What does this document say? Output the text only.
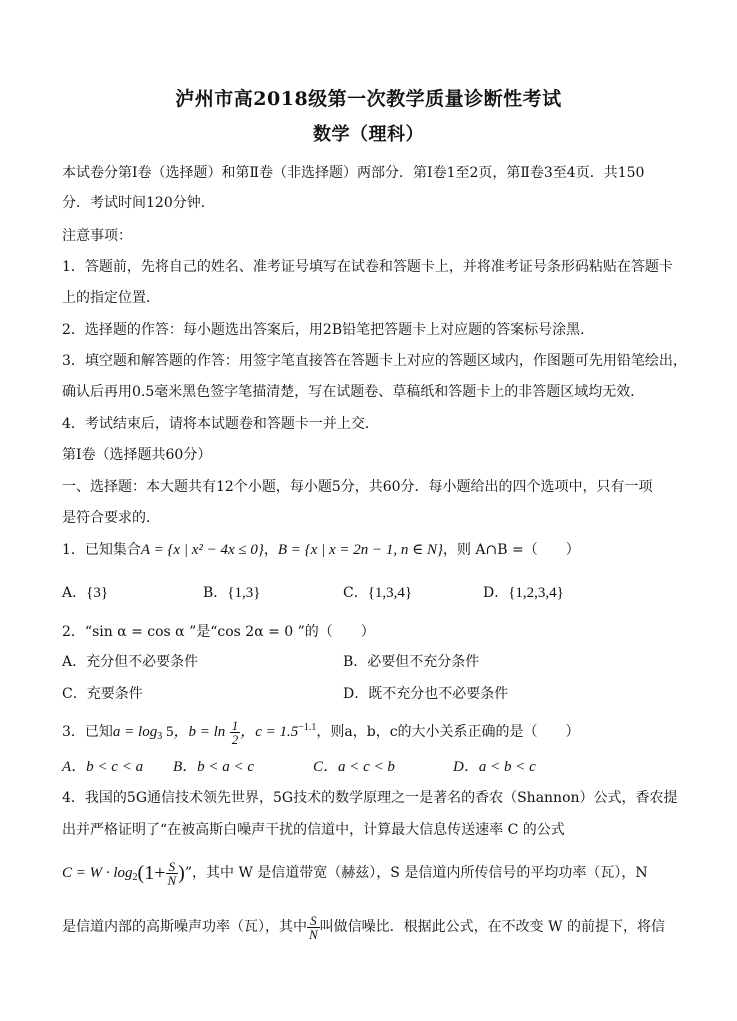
泸州市高2018级第一次教学质量诊断性考试
数学（理科）
本试卷分第Ⅰ卷（选择题）和第Ⅱ卷（非选择题）两部分．第Ⅰ卷1至2页，第Ⅱ卷3至4页．共150
分．考试时间120分钟．
注意事项：
1．答题前，先将自己的姓名、准考证号填写在试卷和答题卡上，并将准考证号条形码粘贴在答题卡
上的指定位置．
2．选择题的作答：每小题选出答案后，用2B铅笔把答题卡上对应题的答案标号涂黑．
3．填空题和解答题的作答：用签字笔直接答在答题卡上对应的答题区域内，作图题可先用铅笔绘出，
确认后再用0.5毫米黑色签字笔描清楚，写在试题卷、草稿纸和答题卡上的非答题区域均无效．
4．考试结束后，请将本试题卷和答题卡一并上交．
第Ⅰ卷（选择题共60分）
一、选择题：本大题共有12个小题，每小题5分，共60分．每小题给出的四个选项中，只有一项
是符合要求的．
1．已知集合A = {x | x² − 4x ≤ 0}，B = {x | x = 2n − 1, n ∈ N}，则 A∩B =（　　）
A．{3}	B．{1,3}	C．{1,3,4}	D．{1,2,3,4}
2．“sin α = cos α ”是“cos 2α = 0 ”的（　　）
A．充分但不必要条件	B．必要但不充分条件
C．充要条件	D．既不充分也不必要条件
3．已知$a = \log_3 5$，$b = \ln \frac{1}{2}$ ，$c = 1.5^{-1.1}$，则a，b，c的大小关系正确的是（　　）
A．b < c < a B．b < a < c	C．a < c < b	D．a < b < c
4．我国的5G通信技术领先世界，5G技术的数学原理之一是著名的香农（Shannon）公式，香农提
出并严格证明了“在被高斯白噪声干扰的信道中，计算最大信息传送速率 C 的公式
$C = W \cdot \log_2(1+ \frac{S}{N}$ )”，其中 W 是信道带宽（赫兹），S 是信道内所传信号的平均功率（瓦），N
是信道内部的高斯噪声功率（瓦），其中 $\frac{S}{N}$ 叫做信噪比．根据此公式，在不改变 W 的前提下，将信
